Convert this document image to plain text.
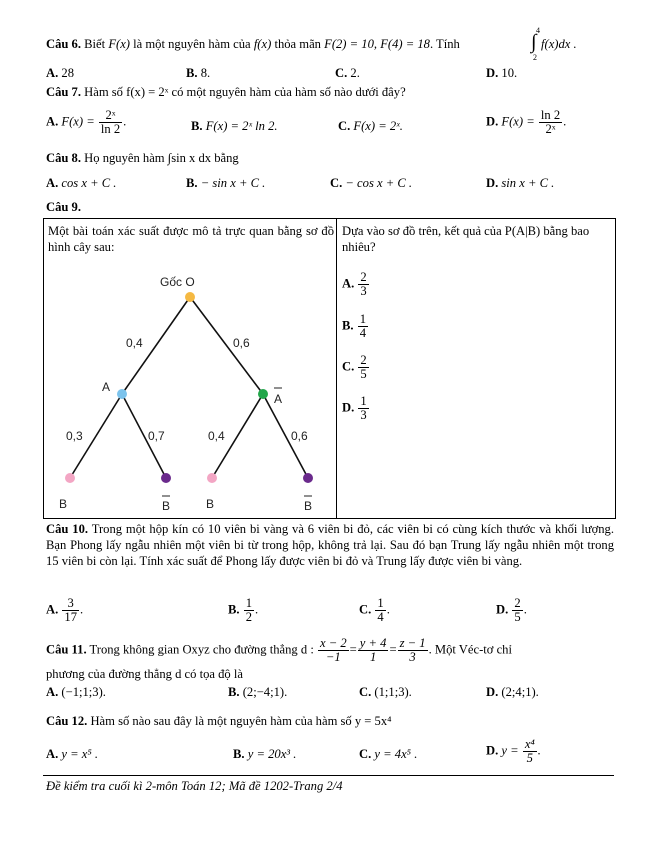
Câu 6. Biết F(x) là một nguyên hàm của f(x) thỏa mãn F(2) = 10, F(4) = 18. Tính
4
∫
2
f(x)dx .
A. 28	B. 8.	C. 2.	D. 10.
Câu 7. Hàm số f(x) = 2ˣ có một nguyên hàm của hàm số nào dưới đây?
A. $F(x) = \frac{\text{2ˣ}}{\ln 2}$ .	B. F(x) = 2ˣ ln 2.	C. F(x) = 2ˣ.	D. $F(x) = \frac{\ln 2}{\text{2ˣ}}$ .
Câu 8. Họ nguyên hàm ∫sin x dx bằng
A. cos x + C .	B. − sin x + C .	C. − cos x + C .	D. sin x + C .
Câu 9.
Một bài toán xác suất được mô tả trực quan bằng sơ đồ hình cây sau:
Dựa vào sơ đồ trên, kết quả của P(A|B) bằng bao nhiêu?
Gốc O
0,4	0,6
A
A
0,3	0,7	0,4	0,6
B	B	B	B
A. $\frac{2}{3}$
B. $\frac{1}{4}$
C. $\frac{2}{5}$
D. $\frac{1}{3}$
Câu 10. Trong một hộp kín có 10 viên bi vàng và 6 viên bi đỏ, các viên bi có cùng kích thước và khối lượng. Bạn Phong lấy ngẫu nhiên một viên bi từ trong hộp, không trả lại. Sau đó bạn Trung lấy ngẫu nhiên một trong 15 viên bi còn lại. Tính xác suất để Phong lấy được viên bi đỏ và Trung lấy được viên bi vàng.
A. $\frac{3}{17}$ .	B. $\frac{1}{2}$ .	C. $\frac{1}{4}$ .	D. $\frac{2}{5}$ .
Câu 11. Trong không gian Oxyz cho đường thẳng d : $\frac{x - 2}{-1} = \frac{y + 4}{1} = \frac{z - 1}{3}$ . Một Véc-tơ chỉ
phương của đường thẳng d có tọa độ là
A. (−1;1;3).	B. (2;−4;1).	C. (1;1;3).	D. (2;4;1).
Câu 12. Hàm số nào sau đây là một nguyên hàm của hàm số y = 5x⁴
A. y = x⁵ .	B. y = 20x³ .	C. y = 4x⁵ .	D. $y = \frac{\text{x⁴}}{5}$ .
Đề kiểm tra cuối kì 2-môn Toán 12; Mã đề 1202-Trang 2/4
